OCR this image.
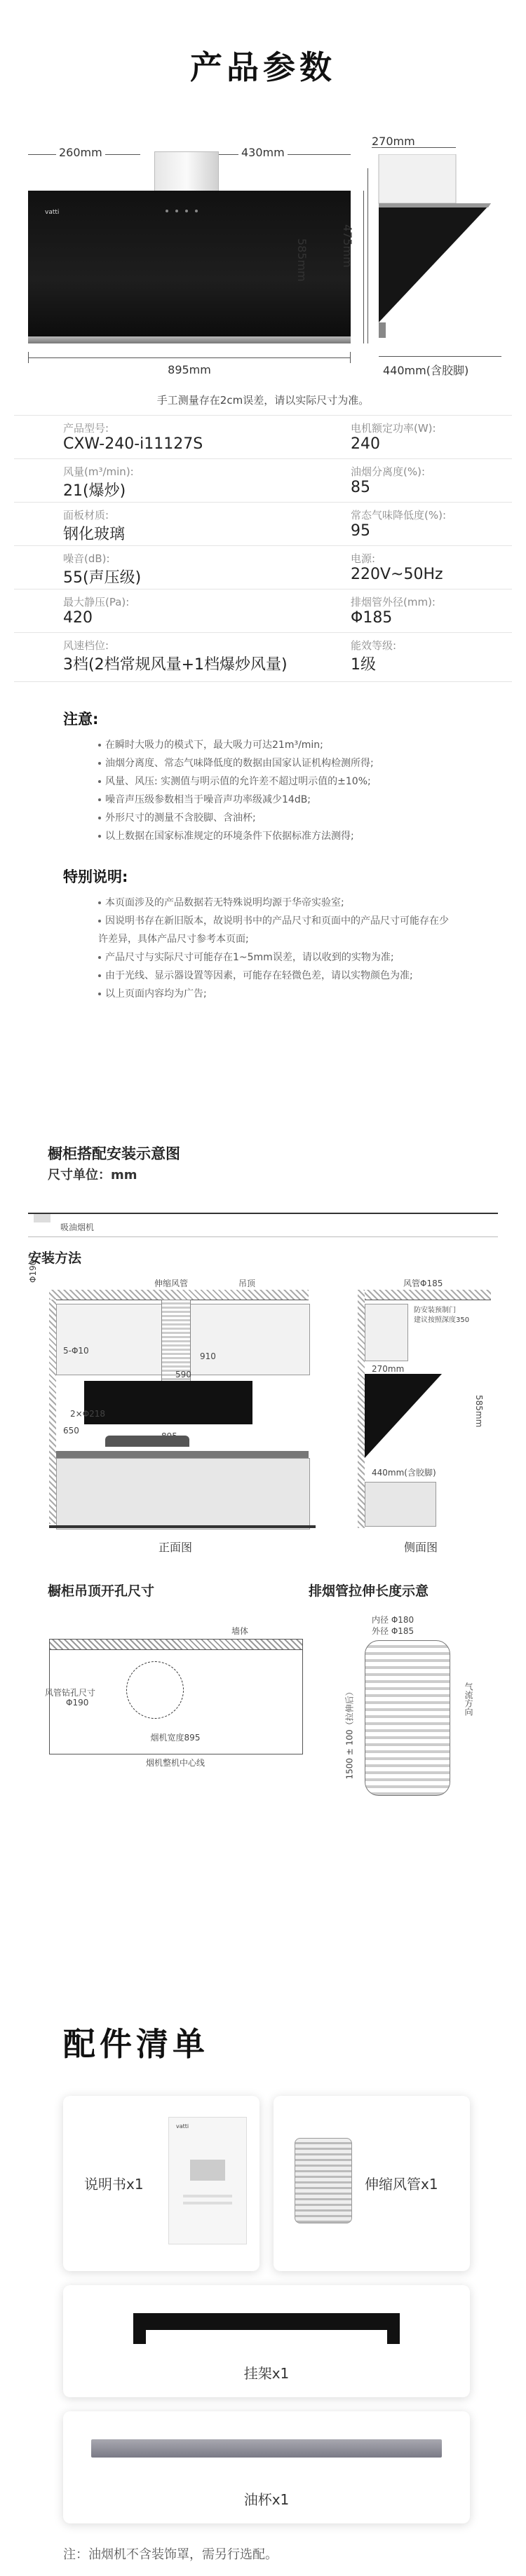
产品参数
260mm	430mm
vatti
895mm
585mm
270mm
440mm(含胶脚)
475mm
手工测量存在2cm误差，请以实际尺寸为准。
产品型号:
CXW-240-i11127S
电机额定功率(W):
240
风量(m³/min):
21(爆炒)
油烟分离度(%):
85
面板材质:
钢化玻璃
常态气味降低度(%):
95
噪音(dB):
55(声压级)
电源:
220V~50Hz
最大静压(Pa):
420
排烟管外径(mm):
Φ185
风速档位:
3档(2档常规风量+1档爆炒风量)
能效等级:
1级
注意:
在瞬时大吸力的模式下，最大吸力可达21m³/min;
油烟分离度、常态气味降低度的数据由国家认证机构检测所得;
风量、风压: 实测值与明示值的允许差不超过明示值的±10%;
噪音声压级参数相当于噪音声功率级减少14dB;
外形尺寸的测量不含胶脚、含油杯;
以上数据在国家标准规定的环境条件下依据标准方法测得;
特别说明:
本页面涉及的产品数据若无特殊说明均源于华帝实验室;
因说明书存在新旧版本，故说明书中的产品尺寸和页面中的产品尺寸可能存在少许差异，具体产品尺寸参考本页面;
产品尺寸与实际尺寸可能存在1~5mm误差，请以收到的实物为准;
由于光线、显示器设置等因素，可能存在轻微色差，请以实物颜色为准;
以上页面内容均为广告;
橱柜搭配安装示意图
尺寸单位：mm
吸油烟机
安装方法
伸缩风管	吊顶
5-Φ10
910
590
2×Φ218
Φ190
650
正面图
风管Φ185
防安装预制门
建议按照深度350
270mm
585mm
440mm(含胶脚)
侧面图
橱柜吊顶开孔尺寸
墙体
风管钻孔尺寸
Φ190
烟机宽度895
烟机整机中心线
排烟管拉伸长度示意
内径 Φ180
外径 Φ185
1500 ± 100（拉伸后）	气流方向
配件清单
vatti
说明书x1	伸缩风管x1
挂架x1
油杯x1
注：油烟机不含装饰罩，需另行选配。
